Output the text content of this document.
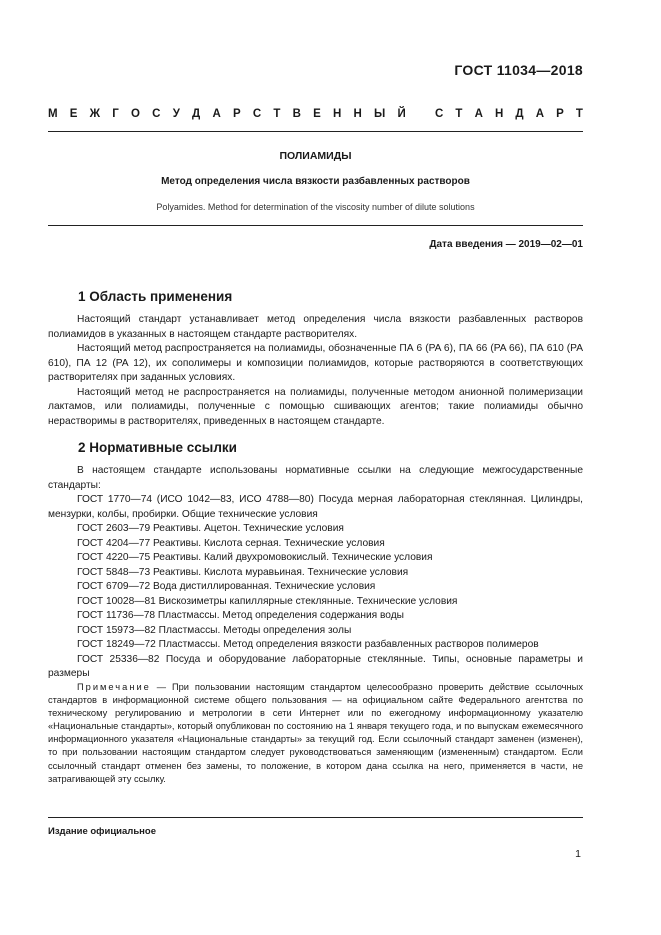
ГОСТ 11034—2018
М Е Ж Г О С У Д А Р С Т В Е Н Н Ы Й	С Т А Н Д А Р Т
ПОЛИАМИДЫ
Метод определения числа вязкости разбавленных растворов
Polyamides. Method for determination of the viscosity number of dilute solutions
Дата введения — 2019—02—01
1 Область применения

Настоящий стандарт устанавливает метод определения числа вязкости разбавленных растворов полиамидов в указанных в настоящем стандарте растворителях.

Настоящий метод распространяется на полиамиды, обозначенные ПА 6 (PA 6), ПА 66 (PA 66), ПА 610 (PA 610), ПА 12 (PA 12), их сополимеры и композиции полиамидов, которые растворяются в соответствующих растворителях при заданных условиях.

Настоящий метод не распространяется на полиамиды, полученные методом анионной полимеризации лактамов, или полиамиды, полученные с помощью сшивающих агентов; такие полиамиды обычно нерастворимы в растворителях, приведенных в настоящем стандарте.

2 Нормативные ссылки

В настоящем стандарте использованы нормативные ссылки на следующие межгосударственные стандарты:

ГОСТ 1770—74 (ИСО 1042—83, ИСО 4788—80) Посуда мерная лабораторная стеклянная. Цилиндры, мензурки, колбы, пробирки. Общие технические условия

ГОСТ 2603—79 Реактивы. Ацетон. Технические условия

ГОСТ 4204—77 Реактивы. Кислота серная. Технические условия

ГОСТ 4220—75 Реактивы. Калий двухромовокислый. Технические условия

ГОСТ 5848—73 Реактивы. Кислота муравьиная. Технические условия

ГОСТ 6709—72 Вода дистиллированная. Технические условия

ГОСТ 10028—81 Вискозиметры капиллярные стеклянные. Технические условия

ГОСТ 11736—78 Пластмассы. Метод определения содержания воды

ГОСТ 15973—82 Пластмассы. Методы определения золы

ГОСТ 18249—72 Пластмассы. Метод определения вязкости разбавленных растворов полимеров

ГОСТ 25336—82 Посуда и оборудование лабораторные стеклянные. Типы, основные параметры и размеры

Примечание — При пользовании настоящим стандартом целесообразно проверить действие ссылочных стандартов в информационной системе общего пользования — на официальном сайте Федерального агентства по техническому регулированию и метрологии в сети Интернет или по ежегодному информационному указателю «Национальные стандарты», который опубликован по состоянию на 1 января текущего года, и по выпускам ежемесячного информационного указателя «Национальные стандарты» за текущий год. Если ссылочный стандарт заменен (изменен), то при пользовании настоящим стандартом следует руководствоваться заменяющим (измененным) стандартом. Если ссылочный стандарт отменен без замены, то положение, в котором дана ссылка на него, применяется в части, не затрагивающей эту ссылку.

Издание официальное
1
